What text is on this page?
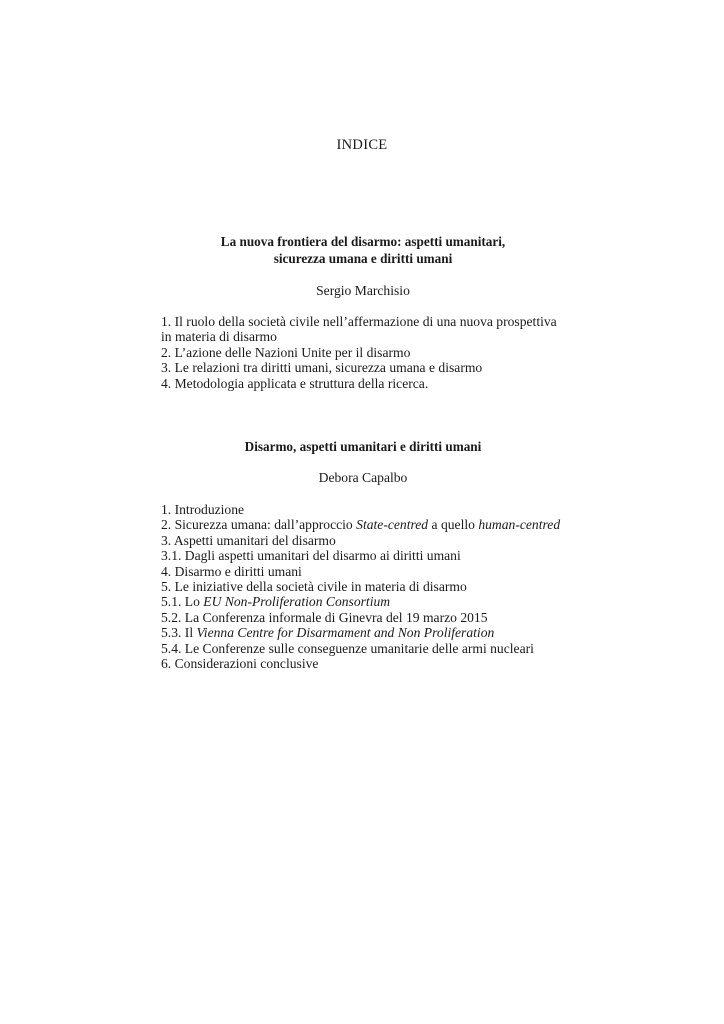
INDICE

La nuova frontiera del disarmo: aspetti umanitari,
sicurezza umana e diritti umani

Sergio Marchisio

1. Il ruolo della società civile nell’affermazione di una nuova prospettiva in materia di disarmo
2. L’azione delle Nazioni Unite per il disarmo
3. Le relazioni tra diritti umani, sicurezza umana e disarmo
4. Metodologia applicata e struttura della ricerca.

Disarmo, aspetti umanitari e diritti umani

Debora Capalbo

1. Introduzione
2. Sicurezza umana: dall’approccio State-centred a quello human-centred
3. Aspetti umanitari del disarmo
3.1. Dagli aspetti umanitari del disarmo ai diritti umani
4. Disarmo e diritti umani
5. Le iniziative della società civile in materia di disarmo
5.1. Lo EU Non-Proliferation Consortium
5.2. La Conferenza informale di Ginevra del 19 marzo 2015
5.3. Il Vienna Centre for Disarmament and Non Proliferation
5.4. Le Conferenze sulle conseguenze umanitarie delle armi nucleari
6. Considerazioni conclusive
